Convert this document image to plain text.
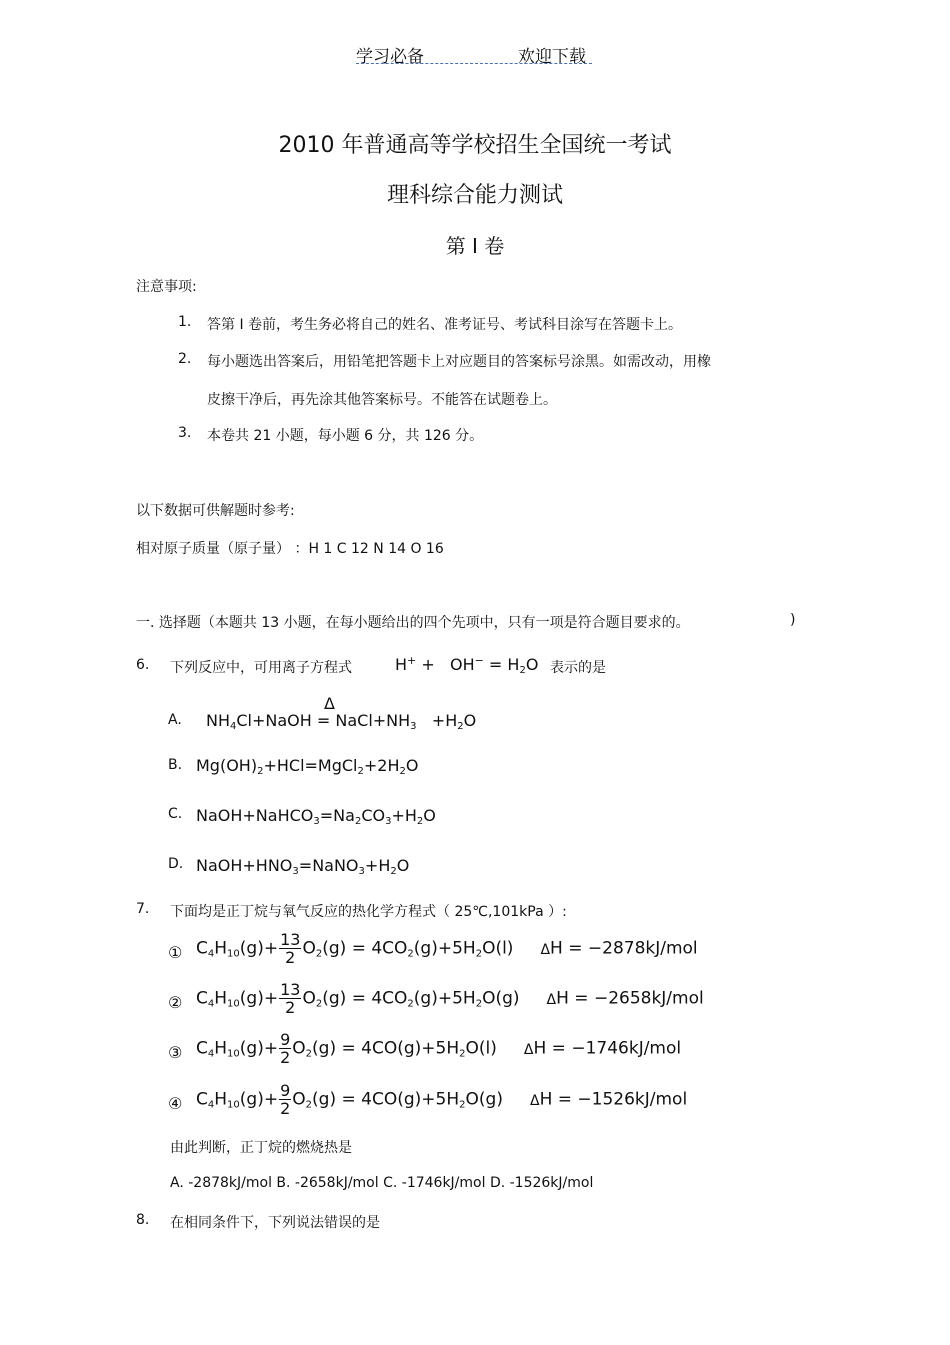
学习必备	欢迎下载
2010 年普通高等学校招生全国统一考试
理科综合能力测试
第 I 卷
注意事项:
1. 答第 I 卷前，考生务必将自己的姓名、准考证号、考试科目涂写在答题卡上。
2. 每小题选出答案后，用铅笔把答题卡上对应题目的答案标号涂黑。如需改动，用橡
皮擦干净后，再先涂其他答案标号。不能答在试题卷上。
3. 本卷共 21 小题，每小题 6 分，共 126 分。
以下数据可供解题时参考:
相对原子质量（原子量） ：H 1 C 12 N 14 O 16
一. 选择题（本题共 13 小题，在每小题给出的四个先项中，只有一项是符合题目要求的。	)
6. 下列反应中，可用离子方程式	$H^+ + OH^- = H_2O$ 表示的是
A.
Δ
$NH_4Cl+NaOH$ = $NaCl+NH_3 +H_2O$
B. $Mg(OH)_2+HCl=MgCl_2+2H_2O$
C. $NaOH+NaHCO_3=Na_2CO_3+H_2O$
D. $NaOH+HNO_3=NaNO_3+H_2O$
7. 下面均是正丁烷与氧气反应的热化学方程式（ 25℃,101kPa ）:
① $C_4H_{10}(g)+ \frac{13}{2} O_2(g) = 4CO_2(g)+5H_2O(l) \Delta H = -2878kJ/mol$
② $C_4H_{10}(g)+ \frac{13}{2} O_2(g) = 4CO_2(g)+5H_2O(g) \Delta H = -2658kJ/mol$
③ $C_4H_{10}(g)+ \frac{9}{2} O_2(g) = 4CO(g)+5H_2O(l) \Delta H = -1746kJ/mol$
④ $C_4H_{10}(g)+ \frac{9}{2} O_2(g) = 4CO(g)+5H_2O(g) \Delta H = -1526kJ/mol$
由此判断，正丁烷的燃烧热是
A. -2878kJ/mol B. -2658kJ/mol C. -1746kJ/mol D. -1526kJ/mol
8. 在相同条件下，下列说法错误的是
